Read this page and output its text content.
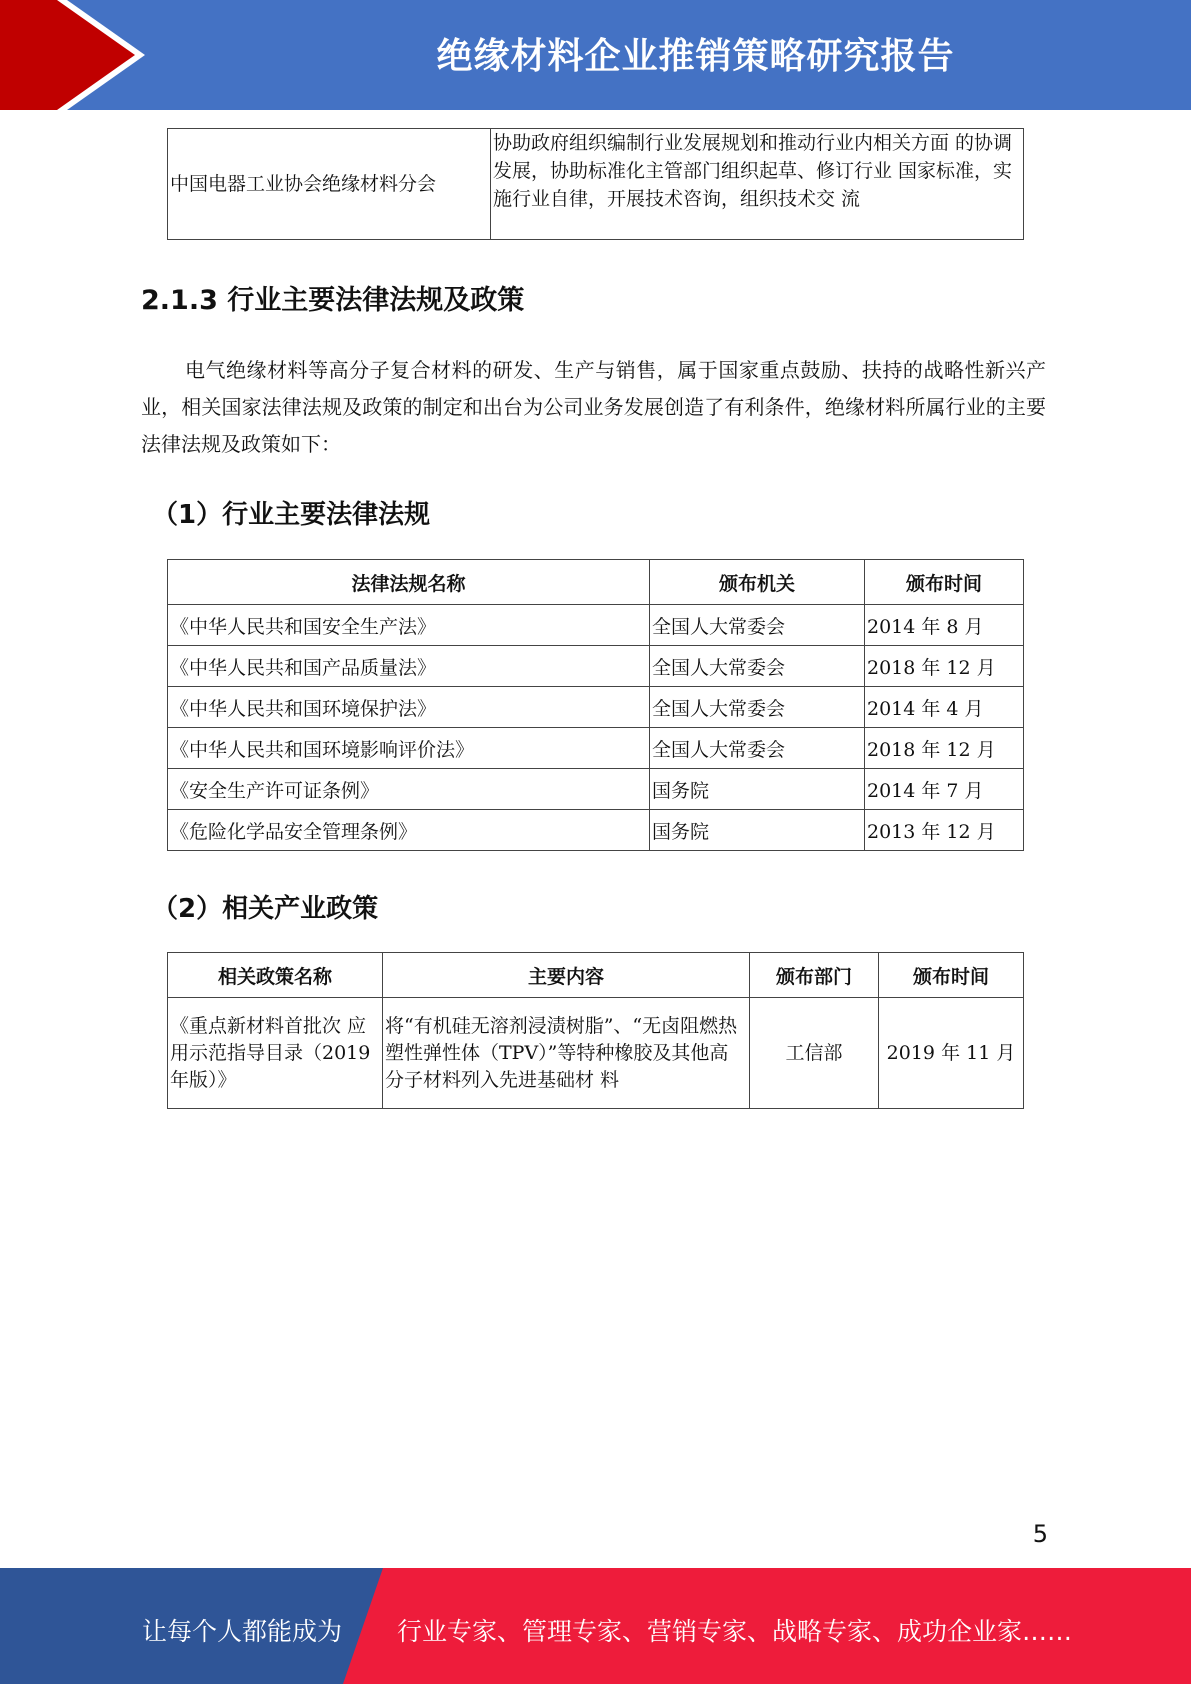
绝缘材料企业推销策略研究报告
中国电器工业协会绝缘材料分会	协助政府组织编制行业发展规划和推动行业内相关方面 的协调发展，协助标准化主管部门组织起草、修订行业 国家标准，实施行业自律，开展技术咨询，组织技术交 流
2.1.3 行业主要法律法规及政策

电气绝缘材料等高分子复合材料的研发、生产与销售，属于国家重点鼓励、扶持的战略性新兴产业，相关国家法律法规及政策的制定和出台为公司业务发展创造了有利条件，绝缘材料所属行业的主要法律法规及政策如下：

（1）行业主要法律法规
法律法规名称	颁布机关	颁布时间
《中华人民共和国安全生产法》	全国人大常委会	2014 年 8 月
《中华人民共和国产品质量法》	全国人大常委会	2018 年 12 月
《中华人民共和国环境保护法》	全国人大常委会	2014 年 4 月
《中华人民共和国环境影响评价法》	全国人大常委会	2018 年 12 月
《安全生产许可证条例》	国务院	2014 年 7 月
《危险化学品安全管理条例》	国务院	2013 年 12 月
（2）相关产业政策
相关政策名称	主要内容	颁布部门	颁布时间
《重点新材料首批次 应用示范指导目录（2019 年版）》	将“有机硅无溶剂浸渍树脂”、“无卤阻燃热塑性弹性体（TPV）”等特种橡胶及其他高分子材料列入先进基础材 料	工信部	2019 年 11 月
5
让每个人都能成为 行业专家、管理专家、营销专家、战略专家、成功企业家……
